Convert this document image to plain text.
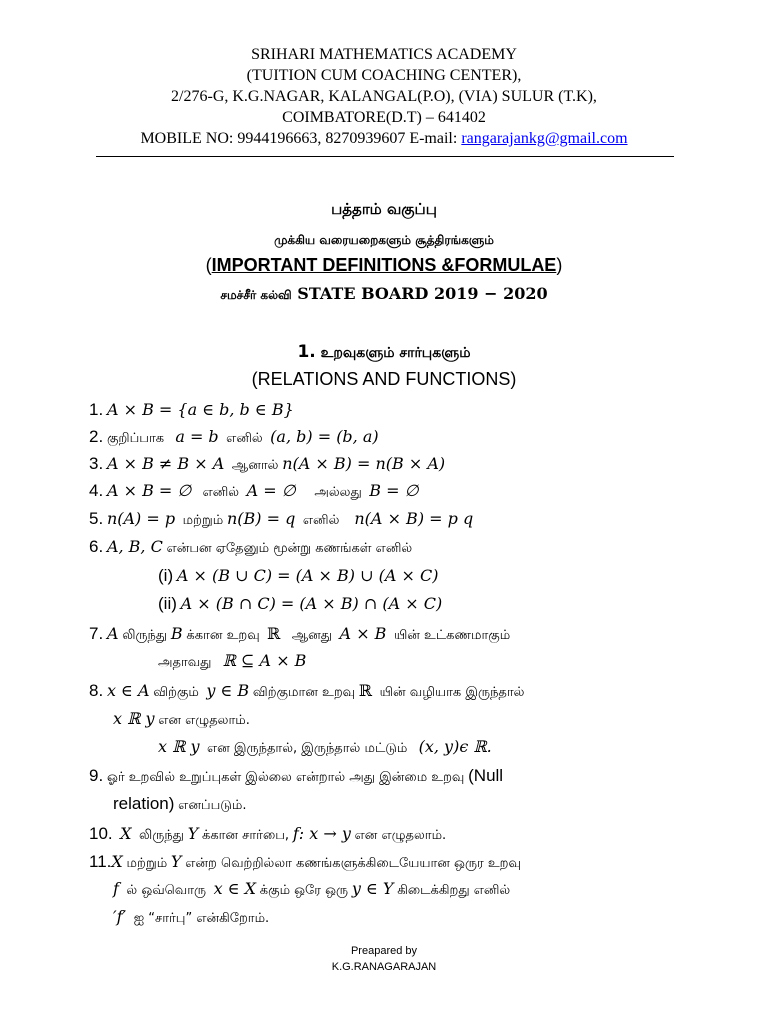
SRIHARI MATHEMATICS ACADEMY
(TUITION CUM COACHING CENTER),
2/276-G, K.G.NAGAR, KALANGAL(P.O), (VIA) SULUR (T.K),
COIMBATORE(D.T) – 641402
MOBILE NO: 9944196663, 8270939607 E-mail: rangarajankg@gmail.com
பத்தாம் வகுப்பு
முக்கிய வரையறைகளும் சூத்திரங்களும்
(IMPORTANT DEFINITIONS &FORMULAE)
சமச்சீர் கல்வி STATE BOARD 2019 − 2020
1. உறவுகளும் சார்புகளும்
(RELATIONS AND FUNCTIONS)
1. A × B = {a ∈ b, b ∈ B}
2. குறிப்பாக a = b எனில் (a, b) = (b, a)
3. A × B ≠ B × A ஆனால் n(A × B) = n(B × A)
4. A × B = ∅ எனில் A = ∅ அல்லது B = ∅
5. n(A) = p மற்றும் n(B) = q எனில் n(A × B) = p q
6. A, B, C என்பன ஏதேனும் மூன்று கணங்கள் எனில்
(i) A × (B ∪ C) = (A × B) ∪ (A × C)
(ii) A × (B ∩ C) = (A × B) ∩ (A × C)
7. A லிருந்து B க்கான உறவு ℝ ஆனது A × B யின் உட்கணமாகும்
அதாவது ℝ ⊆ A × B
8. x ∈ A விற்கும் y ∈ B விற்குமான உறவு ℝ யின் வழியாக இருந்தால்
x ℝ y என எழுதலாம்.
x ℝ y என இருந்தால், இருந்தால் மட்டும் (x, y)ϵ ℝ.
9. ஓர் உறவில் உறுப்புகள் இல்லை என்றால் அது இன்மை உறவு (Null
relation) எனப்படும்.
10. X லிருந்து Y க்கான சார்பை, f: x → y என எழுதலாம்.
11.X மற்றும் Y என்ற வெற்றில்லா கணங்களுக்கிடையேயான ஒருர உறவு
f ல் ஒவ்வொரு x ∈ X க்கும் ஒரே ஒரு y ∈ Y கிடைக்கிறது எனில்
′f′ ஐ “சார்பு” என்கிறோம்.
Preapared by
K.G.RANAGARAJAN
